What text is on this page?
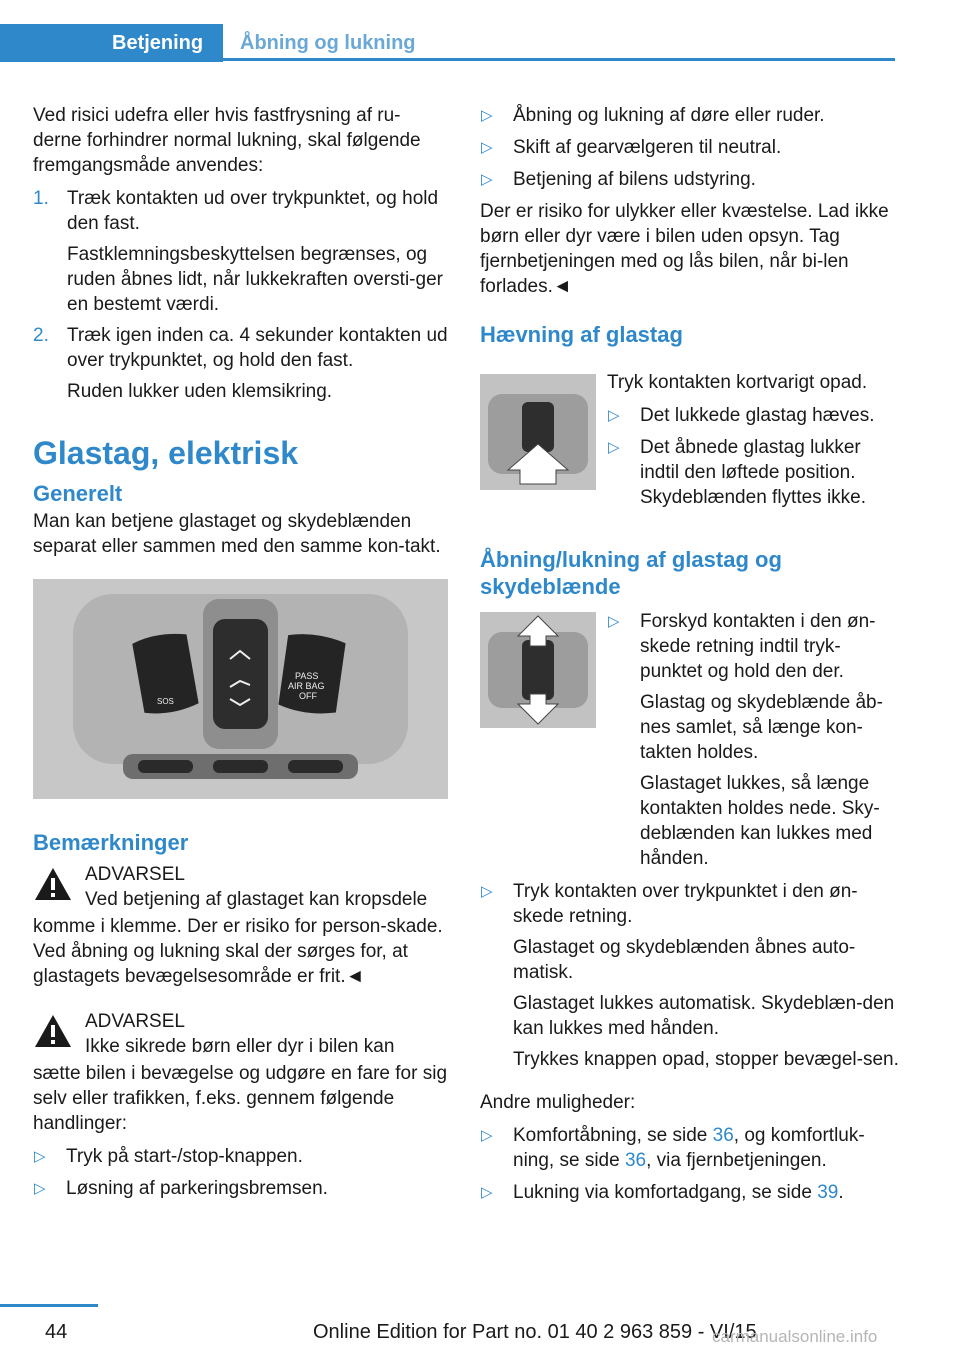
Betjening Åbning og lukning

Ved risici udefra eller hvis fastfrysning af ru-derne forhindrer normal lukning, skal følgende fremgangsmåde anvendes:

1. Træk kontakten ud over trykpunktet, og hold den fast.
Fastklemningsbeskyttelsen begrænses, og ruden åbnes lidt, når lukkekraften oversti-ger en bestemt værdi.
2. Træk igen inden ca. 4 sekunder kontakten ud over trykpunktet, og hold den fast.
Ruden lukker uden klemsikring.
Glastag, elektrisk
Generelt

Man kan betjene glastaget og skydeblænden separat eller sammen med den samme kon-takt.

SOS
PASS
AIR BAG
OFF
Bemærkninger
ADVARSEL
Ved betjening af glastaget kan kropsdele
komme i klemme. Der er risiko for person-skade. Ved åbning og lukning skal der sørges for, at glastagets bevægelsesområde er frit.◄
ADVARSEL
Ikke sikrede børn eller dyr i bilen kan
sætte bilen i bevægelse og udgøre en fare for sig selv eller trafikken, f.eks. gennem følgende handlinger:
▷ Tryk på start-/stop-knappen.
▷ Løsning af parkeringsbremsen.
▷ Åbning og lukning af døre eller ruder.
▷ Skift af gearvælgeren til neutral.
▷ Betjening af bilens udstyring.

Der er risiko for ulykker eller kvæstelse. Lad ikke børn eller dyr være i bilen uden opsyn. Tag fjernbetjeningen med og lås bilen, når bi-len forlades.◄

Hævning af glastag

Tryk kontakten kortvarigt opad.

▷ Det lukkede glastag hæves.
▷ Det åbnede glastag lukker indtil den løftede position. Skydeblænden flyttes ikke.
Åbning/lukning af glastag og skydeblænde
▷ Forskyd kontakten i den øn-skede retning indtil tryk-punktet og hold den der.
Glastag og skydeblænde åb-nes samlet, så længe kon-takten holdes.
Glastaget lukkes, så længe kontakten holdes nede. Sky-deblænden kan lukkes med hånden.
▷ Tryk kontakten over trykpunktet i den øn-skede retning.
Glastaget og skydeblænden åbnes auto-matisk.
Glastaget lukkes automatisk. Skydeblæn-den kan lukkes med hånden.
Trykkes knappen opad, stopper bevægel-sen.

Andre muligheder:

▷ Komfortåbning, se side 36, og komfortluk-ning, se side 36, via fjernbetjeningen.
▷ Lukning via komfortadgang, se side 39.
44	Online Edition for Part no. 01 40 2 963 859 - VI/15
carmanualsonline.info
